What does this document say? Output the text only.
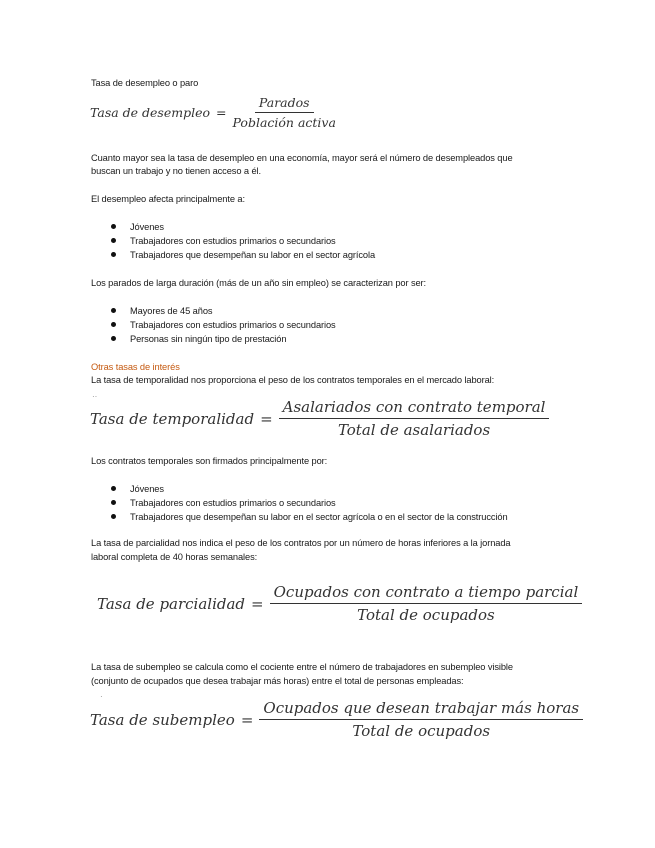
Tasa de desempleo o paro
Tasa de desempleo = $\frac{\text{Parados}}{\text{Población activa}}$
Cuanto mayor sea la tasa de desempleo en una economía, mayor será el número de desempleados que
buscan un trabajo y no tienen acceso a él.
El desempleo afecta principalmente a:
Jóvenes
Trabajadores con estudios primarios o secundarios
Trabajadores que desempeñan su labor en el sector agrícola
Los parados de larga duración (más de un año sin empleo) se caracterizan por ser:
Mayores de 45 años
Trabajadores con estudios primarios o secundarios
Personas sin ningún tipo de prestación
Otras tasas de interés
La tasa de temporalidad nos proporciona el peso de los contratos temporales en el mercado laboral:
··
Tasa de temporalidad = $\frac{\text{Asalariados con contrato temporal}}{\text{Total de asalariados}}$
Los contratos temporales son firmados principalmente por:
Jóvenes
Trabajadores con estudios primarios o secundarios
Trabajadores que desempeñan su labor en el sector agrícola o en el sector de la construcción
La tasa de parcialidad nos indica el peso de los contratos por un número de horas inferiores a la jornada
laboral completa de 40 horas semanales:
Tasa de parcialidad = $\frac{\text{Ocupados con contrato a tiempo parcial}}{\text{Total de ocupados}}$
La tasa de subempleo se calcula como el cociente entre el número de trabajadores en subempleo visible
(conjunto de ocupados que desea trabajar más horas) entre el total de personas empleadas:
·
Tasa de subempleo = $\frac{\text{Ocupados que desean trabajar más horas}}{\text{Total de ocupados}}$
